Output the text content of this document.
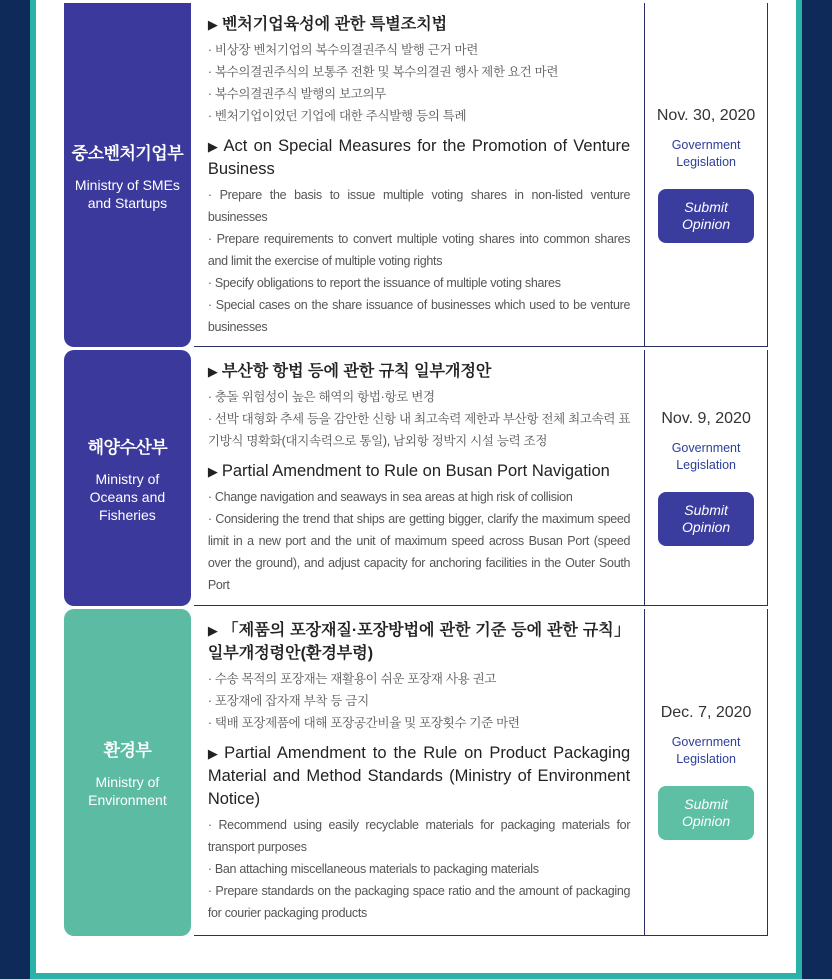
중소벤처기업부
Ministry of SMEs and Startups
▶ 벤처기업육성에 관한 특별조치법
· 비상장 벤처기업의 복수의결권주식 발행 근거 마련
· 복수의결권주식의 보통주 전환 및 복수의결권 행사 제한 요건 마련
· 복수의결권주식 발행의 보고의무
· 벤처기업이었던 기업에 대한 주식발행 등의 특례
▶ Act on Special Measures for the Promotion of Venture Business
· Prepare the basis to issue multiple voting shares in non-listed venture businesses
· Prepare requirements to convert multiple voting shares into common shares and limit the exercise of multiple voting rights
· Specify obligations to report the issuance of multiple voting shares
· Special cases on the share issuance of businesses which used to be venture businesses
Nov. 30, 2020
Government
Legislation
Submit
Opinion
해양수산부
Ministry of Oceans and Fisheries
▶ 부산항 항법 등에 관한 규칙 일부개정안
· 충돌 위험성이 높은 해역의 항법·항로 변경
· 선박 대형화 추세 등을 감안한 신항 내 최고속력 제한과 부산항 전체 최고속력 표기방식 명확화(대지속력으로 통일), 남외항 정박지 시설 능력 조정
▶ Partial Amendment to Rule on Busan Port Navigation
· Change navigation and seaways in sea areas at high risk of collision
· Considering the trend that ships are getting bigger, clarify the maximum speed limit in a new port and the unit of maximum speed across Busan Port (speed over the ground), and adjust capacity for anchoring facilities in the Outer South Port
Nov. 9, 2020
Government
Legislation
Submit
Opinion
환경부
Ministry of Environment
▶ 「제품의 포장재질·포장방법에 관한 기준 등에 관한 규칙」 일부개정령안(환경부령)
· 수송 목적의 포장재는 재활용이 쉬운 포장재 사용 권고
· 포장재에 잡자재 부착 등 금지
· 택배 포장제품에 대해 포장공간비율 및 포장횟수 기준 마련
▶ Partial Amendment to the Rule on Product Packaging Material and Method Standards (Ministry of Environment Notice)
· Recommend using easily recyclable materials for packaging materials for transport purposes
· Ban attaching miscellaneous materials to packaging materials
· Prepare standards on the packaging space ratio and the amount of packaging for courier packaging products
Dec. 7, 2020
Government
Legislation
Submit
Opinion
